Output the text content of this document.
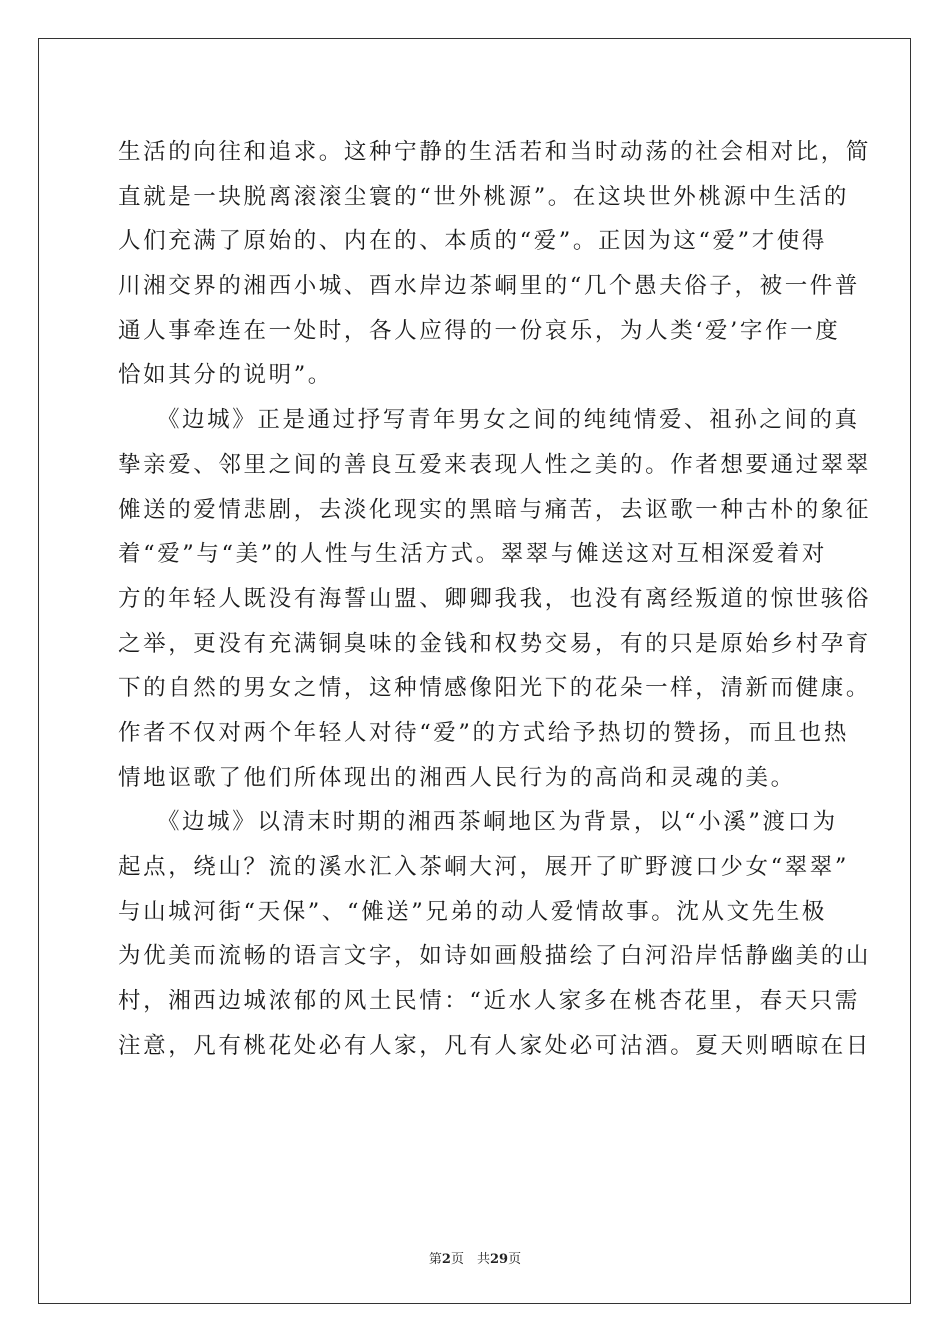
生活的向往和追求。这种宁静的生活若和当时动荡的社会相对比，简
直就是一块脱离滚滚尘寰的“世外桃源”。在这块世外桃源中生活的
人们充满了原始的、内在的、本质的“爱”。正因为这“爱”才使得
川湘交界的湘西小城、酉水岸边茶峒里的“几个愚夫俗子，被一件普
通人事牵连在一处时，各人应得的一份哀乐，为人类‘爱’字作一度
恰如其分的说明”。
　　《边城》正是通过抒写青年男女之间的纯纯情爱、祖孙之间的真
挚亲爱、邻里之间的善良互爱来表现人性之美的。作者想要通过翠翠
傩送的爱情悲剧，去淡化现实的黑暗与痛苦，去讴歌一种古朴的象征
着“爱”与“美”的人性与生活方式。翠翠与傩送这对互相深爱着对
方的年轻人既没有海誓山盟、卿卿我我，也没有离经叛道的惊世骇俗
之举，更没有充满铜臭味的金钱和权势交易，有的只是原始乡村孕育
下的自然的男女之情，这种情感像阳光下的花朵一样，清新而健康。
作者不仅对两个年轻人对待“爱”的方式给予热切的赞扬，而且也热
情地讴歌了他们所体现出的湘西人民行为的高尚和灵魂的美。
　　《边城》以清末时期的湘西茶峒地区为背景，以“小溪”渡口为
起点，绕山？流的溪水汇入茶峒大河，展开了旷野渡口少女“翠翠”
与山城河街“天保”、“傩送”兄弟的动人爱情故事。沈从文先生极
为优美而流畅的语言文字，如诗如画般描绘了白河沿岸恬静幽美的山
村，湘西边城浓郁的风土民情：“近水人家多在桃杏花里，春天只需
注意，凡有桃花处必有人家，凡有人家处必可沽酒。夏天则晒晾在日
第2页　共29页
